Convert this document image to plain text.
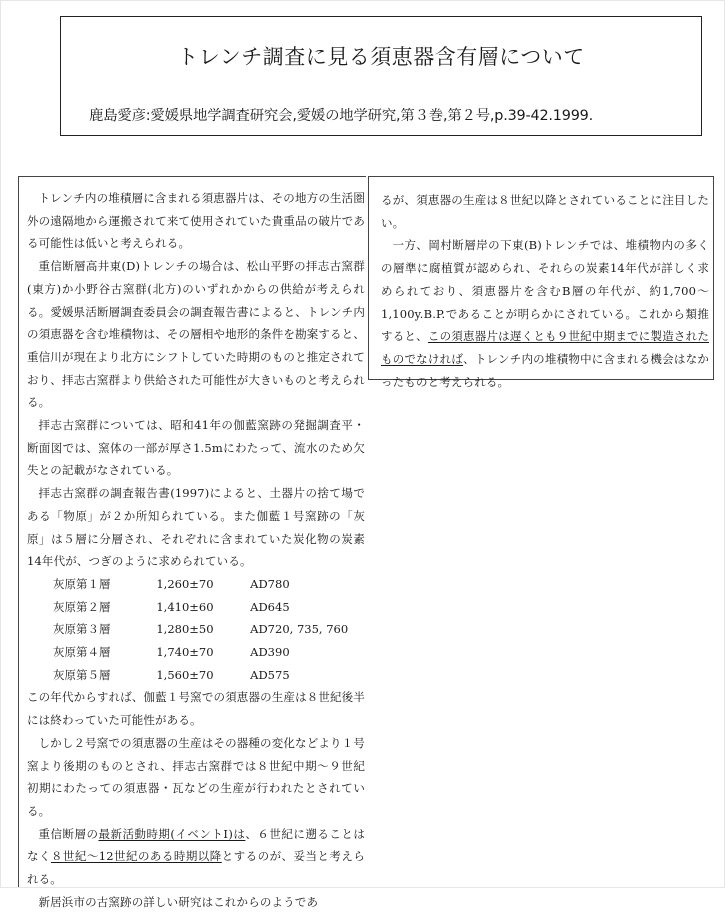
トレンチ調査に見る須恵器含有層について
鹿島愛彦:愛媛県地学調査研究会,愛媛の地学研究,第３巻,第２号,p.39-42.1999.

トレンチ内の堆積層に含まれる須恵器片は、その地方の生活圏外の遠隔地から運搬されて来て使用されていた貴重品の破片である可能性は低いと考えられる。

重信断層高井東(D)トレンチの場合は、松山平野の拝志古窯群(東方)か小野谷古窯群(北方)のいずれかからの供給が考えられる。愛媛県活断層調査委員会の調査報告書によると、トレンチ内の須恵器を含む堆積物は、その層相や地形的条件を勘案すると、重信川が現在より北方にシフトしていた時期のものと推定されており、拝志古窯群より供給された可能性が大きいものと考えられる。

拝志古窯群については、昭和41年の伽藍窯跡の発掘調査平・断面図では、窯体の一部が厚さ1.5mにわたって、流水のため欠失との記載がなされている。

拝志古窯群の調査報告書(1997)によると、土器片の捨て場である「物原」が２か所知られている。また伽藍１号窯跡の「灰原」は５層に分層され、それぞれに含まれていた炭化物の炭素14年代が、つぎのように求められている。

灰原第１層	1,260±70	AD780
灰原第２層	1,410±60	AD645
灰原第３層	1,280±50	AD720, 735, 760
灰原第４層	1,740±70	AD390
灰原第５層	1,560±70	AD575

この年代からすれば、伽藍１号窯での須恵器の生産は８世紀後半には終わっていた可能性がある。

しかし２号窯での須恵器の生産はその器種の変化などより１号窯より後期のものとされ、拝志古窯群では８世紀中期～９世紀初期にわたっての須恵器・瓦などの生産が行われたとされている。

重信断層の最新活動時期(イベントⅠ)は、６世紀に遡ることはなく８世紀～12世紀のある時期以降とするのが、妥当と考えられる。

新居浜市の古窯跡の詳しい研究はこれからのようであ

るが、須恵器の生産は８世紀以降とされていることに注目したい。

一方、岡村断層岸の下東(B)トレンチでは、堆積物内の多くの層準に腐植質が認められ、それらの炭素14年代が詳しく求められており、須恵器片を含むB層の年代が、約1,700～1,100y.B.P.であることが明らかにされている。これから類推すると、この須恵器片は遅くとも９世紀中期までに製造されたものでなければ、トレンチ内の堆積物中に含まれる機会はなかったものと考えられる。
